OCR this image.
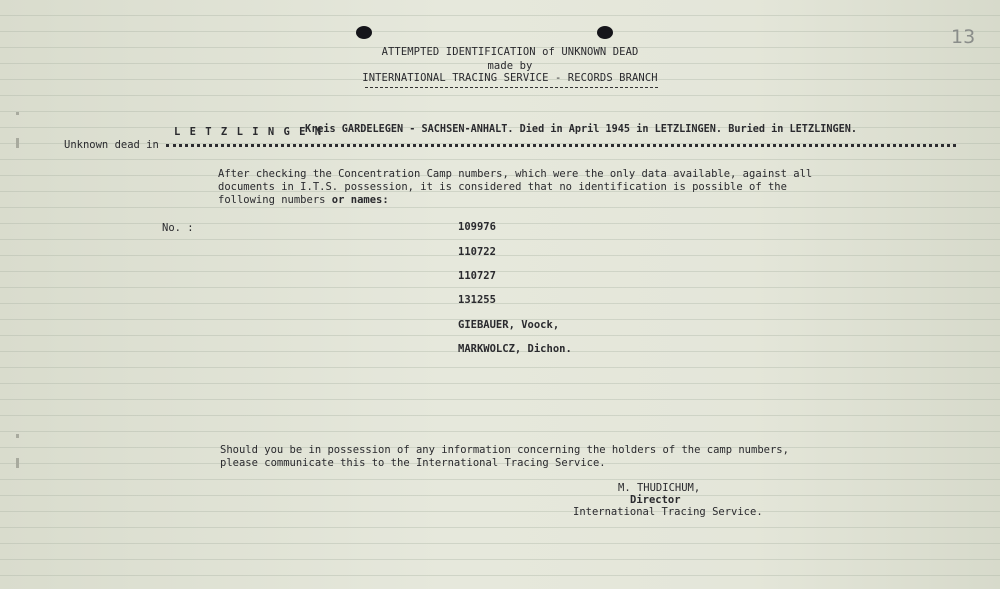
13
ATTEMPTED IDENTIFICATION of UNKNOWN DEAD
made by
INTERNATIONAL TRACING SERVICE - RECORDS BRANCH
Unknown dead in
L E T Z L I N G E N
Kreis GARDELEGEN - SACHSEN-ANHALT. Died in April 1945 in LETZLINGEN. Buried in LETZLINGEN.
After checking the Concentration Camp numbers, which were the only data available, against all
documents in I.T.S. possession, it is considered that no identification is possible of the
following numbers or names:
No. :	109976
110722
110727
131255
GIEBAUER, Voock,
MARKWOLCZ, Dichon.
Should you be in possession of any information concerning the holders of the camp numbers,
please communicate this to the International Tracing Service.
M. THUDICHUM,
Director
International Tracing Service.
